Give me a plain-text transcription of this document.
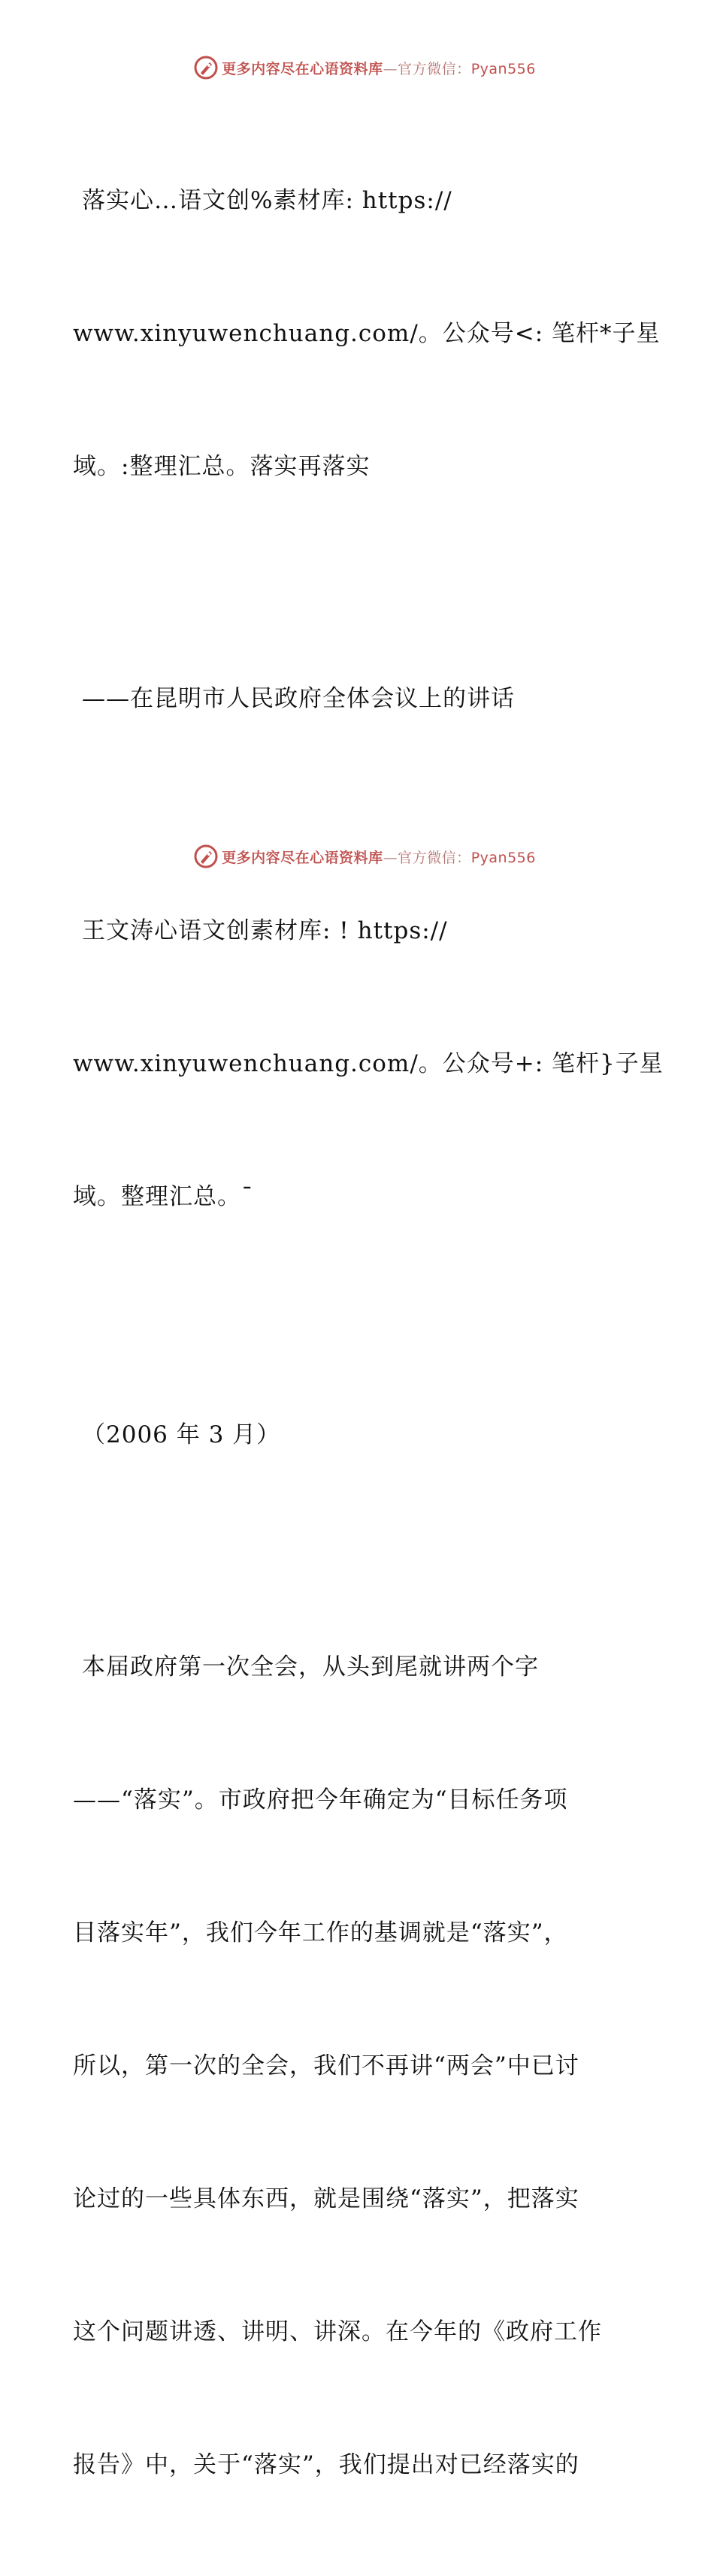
更多内容尽在心语资料库—官方微信：Pyan556

落实心…语文创%素材库: https://

www.xinyuwenchuang.com/。公众号<: 笔杆*子星

域。:整理汇总。落实再落实

——在昆明市人民政府全体会议上的讲话

王文涛心语文创素材库: ! https://

www.xinyuwenchuang.com/。公众号+: 笔杆}子星

域。整理汇总。¯

（2006 年 3 月）

本届政府第一次全会，从头到尾就讲两个字

——“落实”。市政府把今年确定为“目标任务项

目落实年”，我们今年工作的基调就是“落实”，

所以，第一次的全会，我们不再讲“两会”中已讨

论过的一些具体东西，就是围绕“落实”，把落实

这个问题讲透、讲明、讲深。在今年的《政府工作

报告》中，关于“落实”，我们提出对已经落实的

更多内容尽在心语资料库—官方微信：Pyan556
